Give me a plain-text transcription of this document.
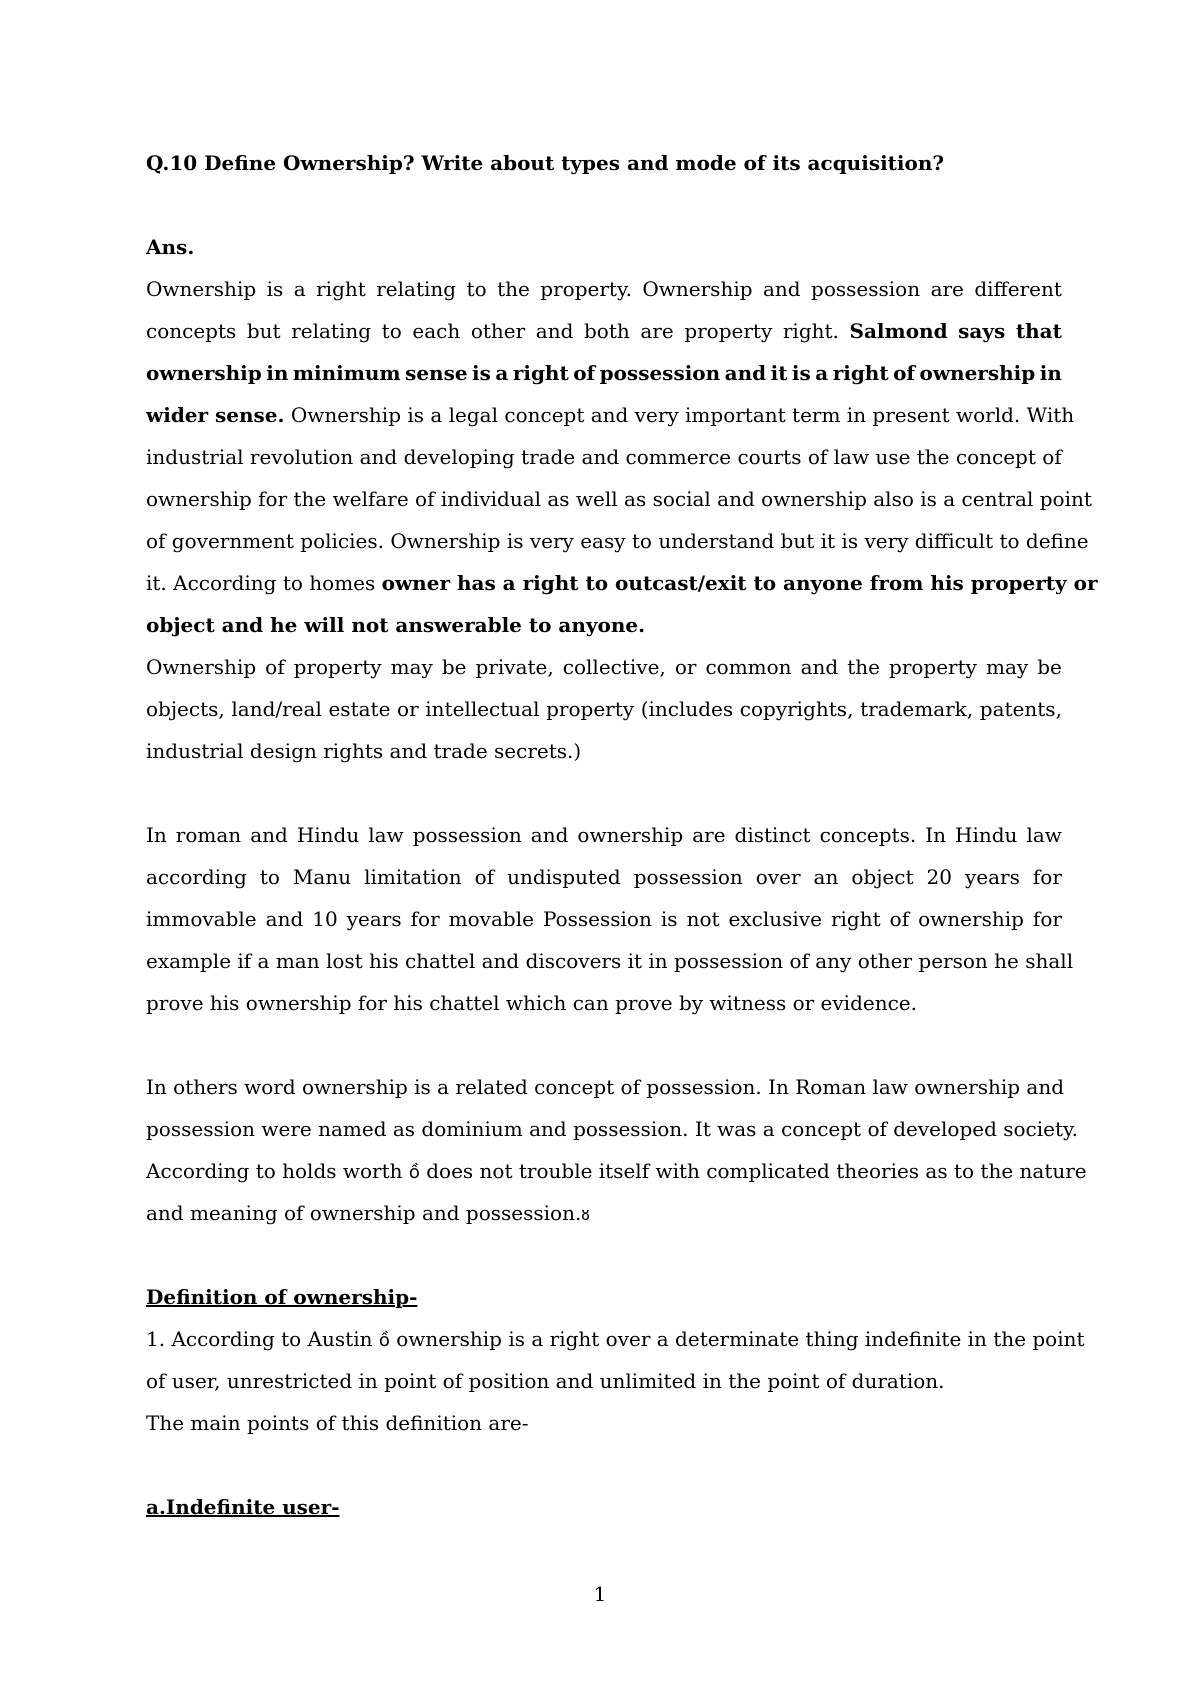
Q.10 Define Ownership? Write about types and mode of its acquisition?
Ans.
Ownership is a right relating to the property. Ownership and possession are different
concepts but relating to each other and both are property right. Salmond says that
ownership in minimum sense is a right of possession and it is a right of ownership in
wider sense. Ownership is a legal concept and very important term in present world. With
industrial revolution and developing trade and commerce courts of law use the concept of
ownership for the welfare of individual as well as social and ownership also is a central point
of government policies. Ownership is very easy to understand but it is very difficult to define
it. According to homes owner has a right to outcast/exit to anyone from his property or
object and he will not answerable to anyone.
Ownership of property may be private, collective, or common and the property may be
objects, land/real estate or intellectual property (includes copyrights, trademark, patents,
industrial design rights and trade secrets.)
In roman and Hindu law possession and ownership are distinct concepts. In Hindu law
according to Manu limitation of undisputed possession over an object 20 years for
immovable and 10 years for movable Possession is not exclusive right of ownership for
example if a man lost his chattel and discovers it in possession of any other person he shall
prove his ownership for his chattel which can prove by witness or evidence.
In others word ownership is a related concept of possession. In Roman law ownership and
possession were named as dominium and possession. It was a concept of developed society.
According to holds worth ồ does not trouble itself with complicated theories as to the nature
and meaning of ownership and possession.ᴕ
Definition of ownership-
1. According to Austin ồ ownership is a right over a determinate thing indefinite in the point
of user, unrestricted in point of position and unlimited in the point of duration.
The main points of this definition are-
a.Indefinite user-
1
